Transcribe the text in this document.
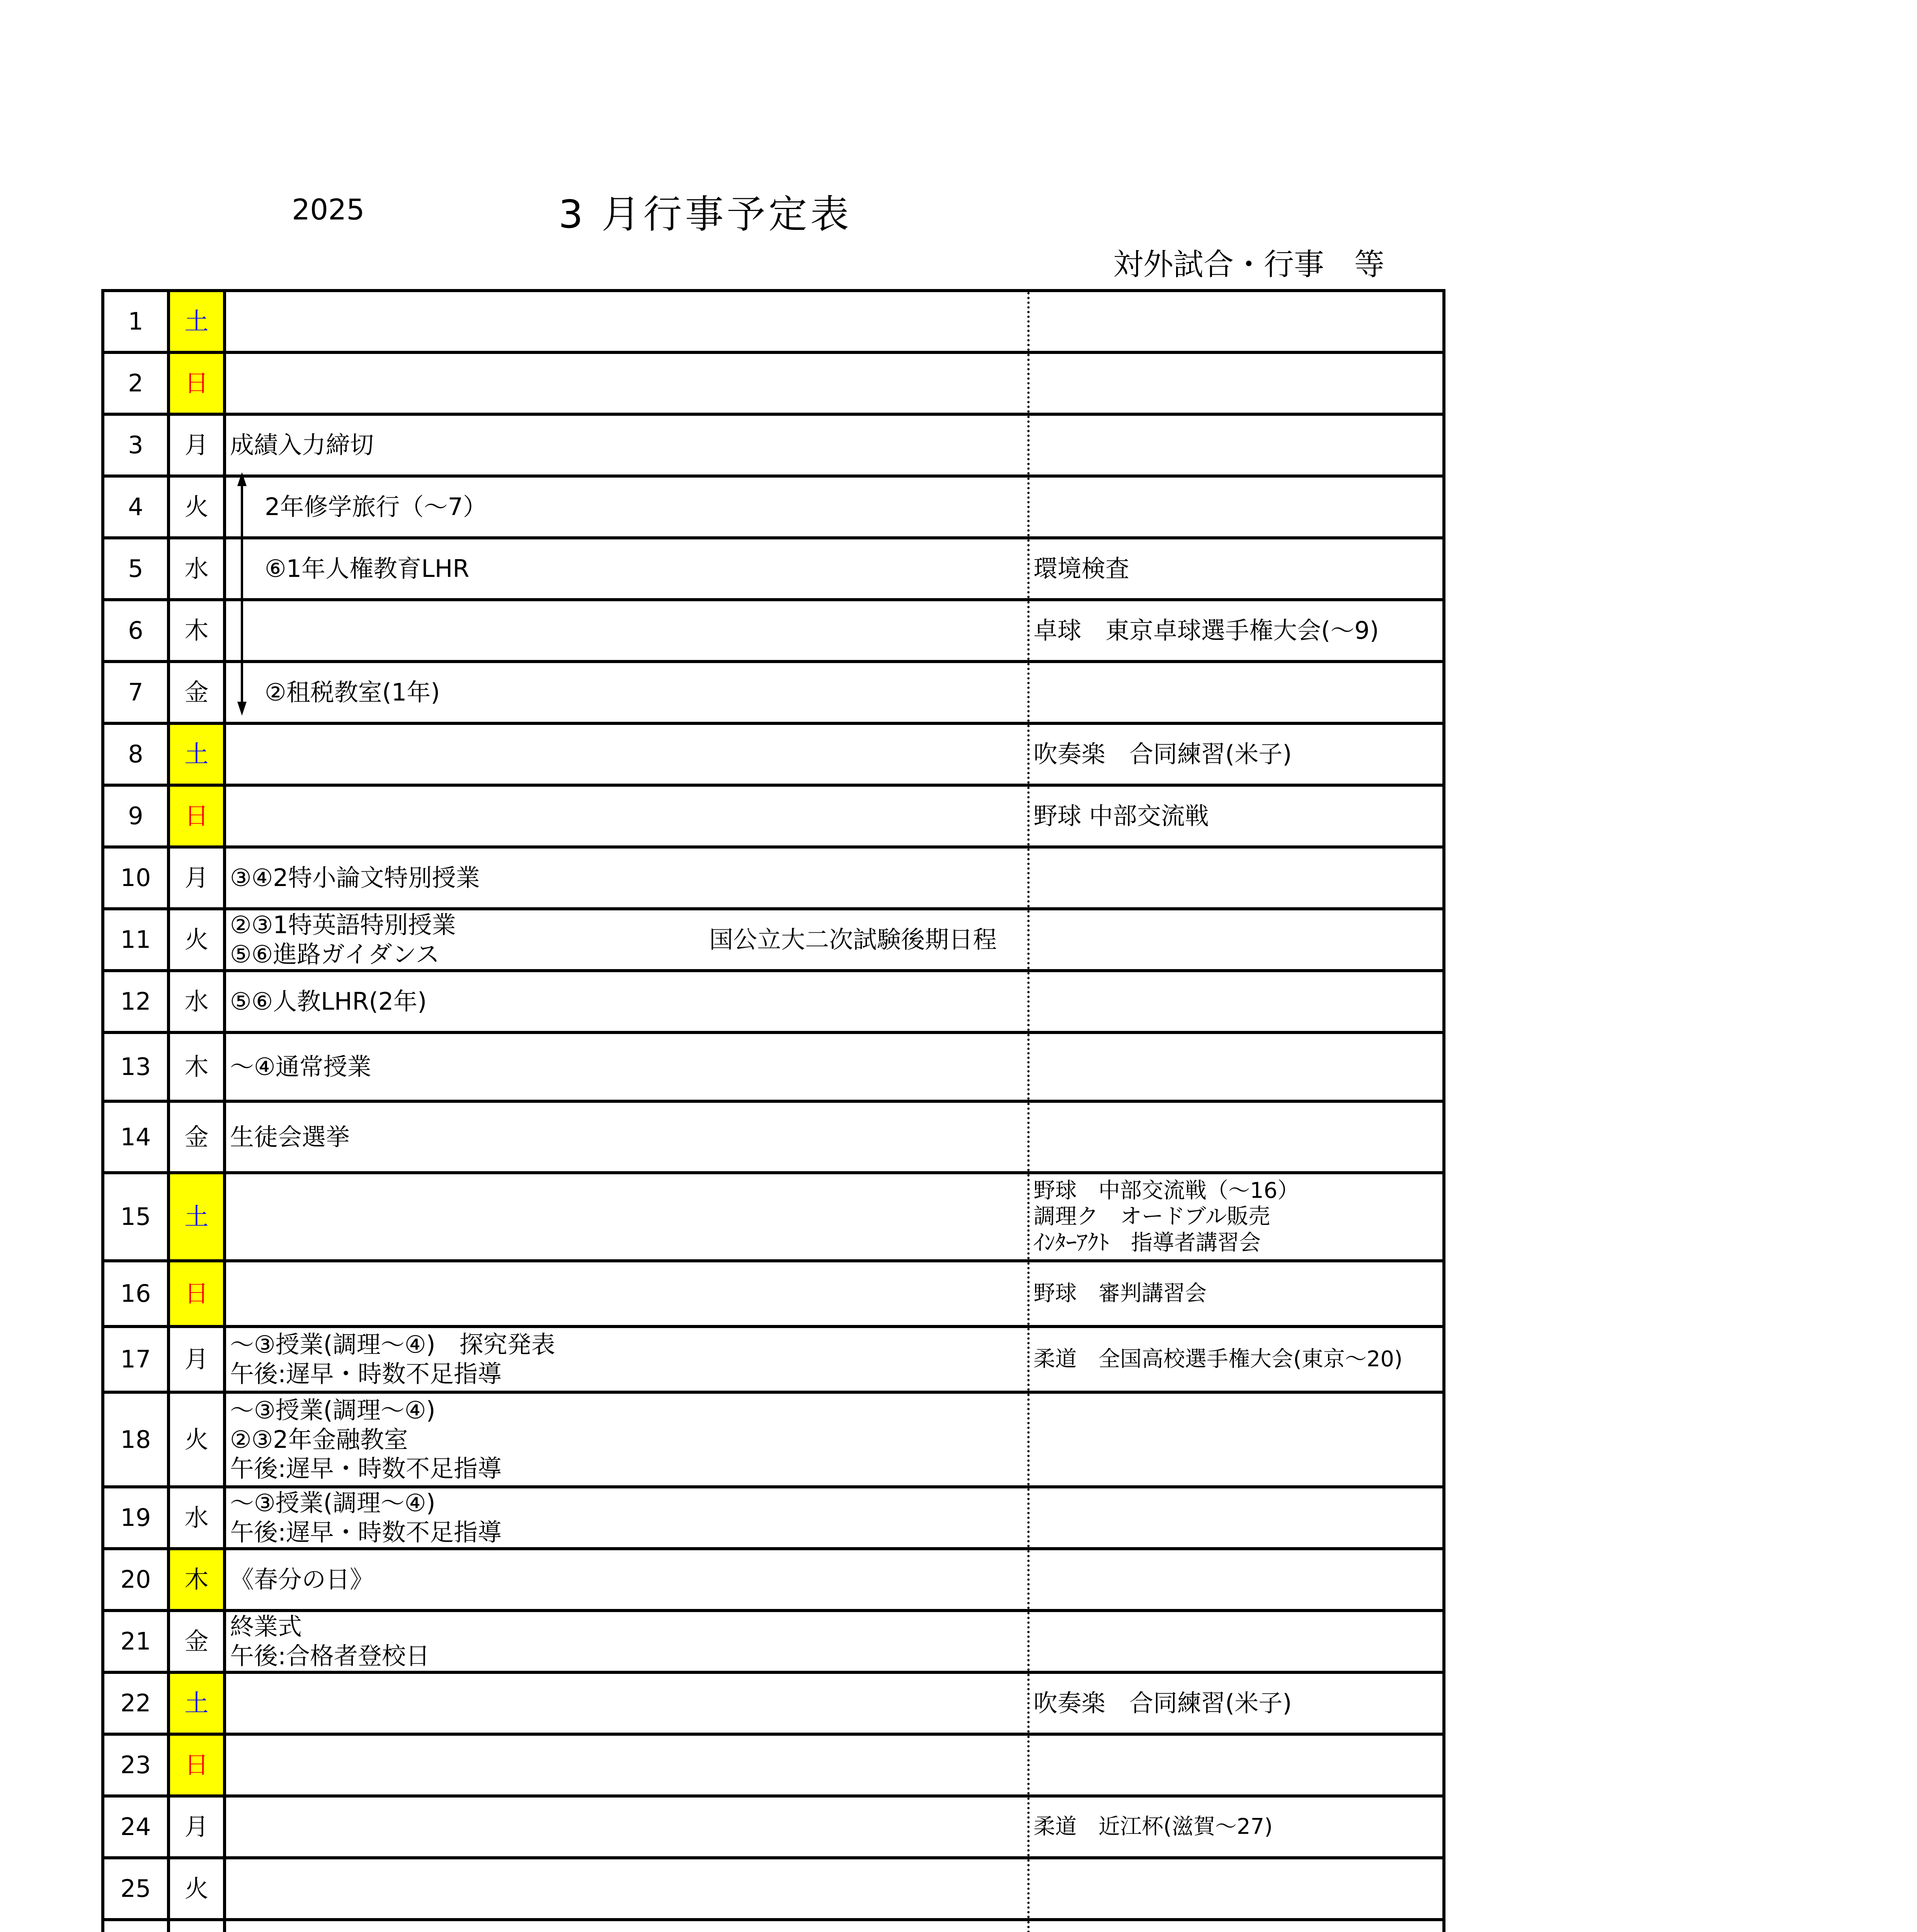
2025	3 月行事予定表
対外試合・行事　等
1	土		
2	日		
3	月	成績入力締切	

4	火	2年修学旅行（～7）	

5	水	⑥1年人権教育LHR	環境検査

6	木		卓球　東京卓球選手権大会(～9)

7	金	②租税教室(1年)	

8	土		吹奏楽　合同練習(米子)

9	日		野球 中部交流戦

10	月	③④2特小論文特別授業	

11	火	②③1特英語特別授業
⑤⑥進路ガイダンス
国公立大二次試験後期日程	

12	水	⑤⑥人教LHR(2年)	

13	木	～④通常授業	

14	金	生徒会選挙	

15	土		野球　中部交流戦（～16）
調理ク　オードブル販売
ｲﾝﾀｰｱｸﾄ　指導者講習会

16	日		野球　審判講習会

17	月	～③授業(調理～④)　探究発表
午後:遅早・時数不足指導	柔道　全国高校選手権大会(東京～20)

18	火	～③授業(調理～④)
②③2年金融教室
午後:遅早・時数不足指導	

19	水	～③授業(調理～④)
午後:遅早・時数不足指導	

20	木	《春分の日》	

21	金	終業式
午後:合格者登校日	

22	土		吹奏楽　合同練習(米子)

23	日		
24	月		柔道　近江杯(滋賀～27)

25	火		
